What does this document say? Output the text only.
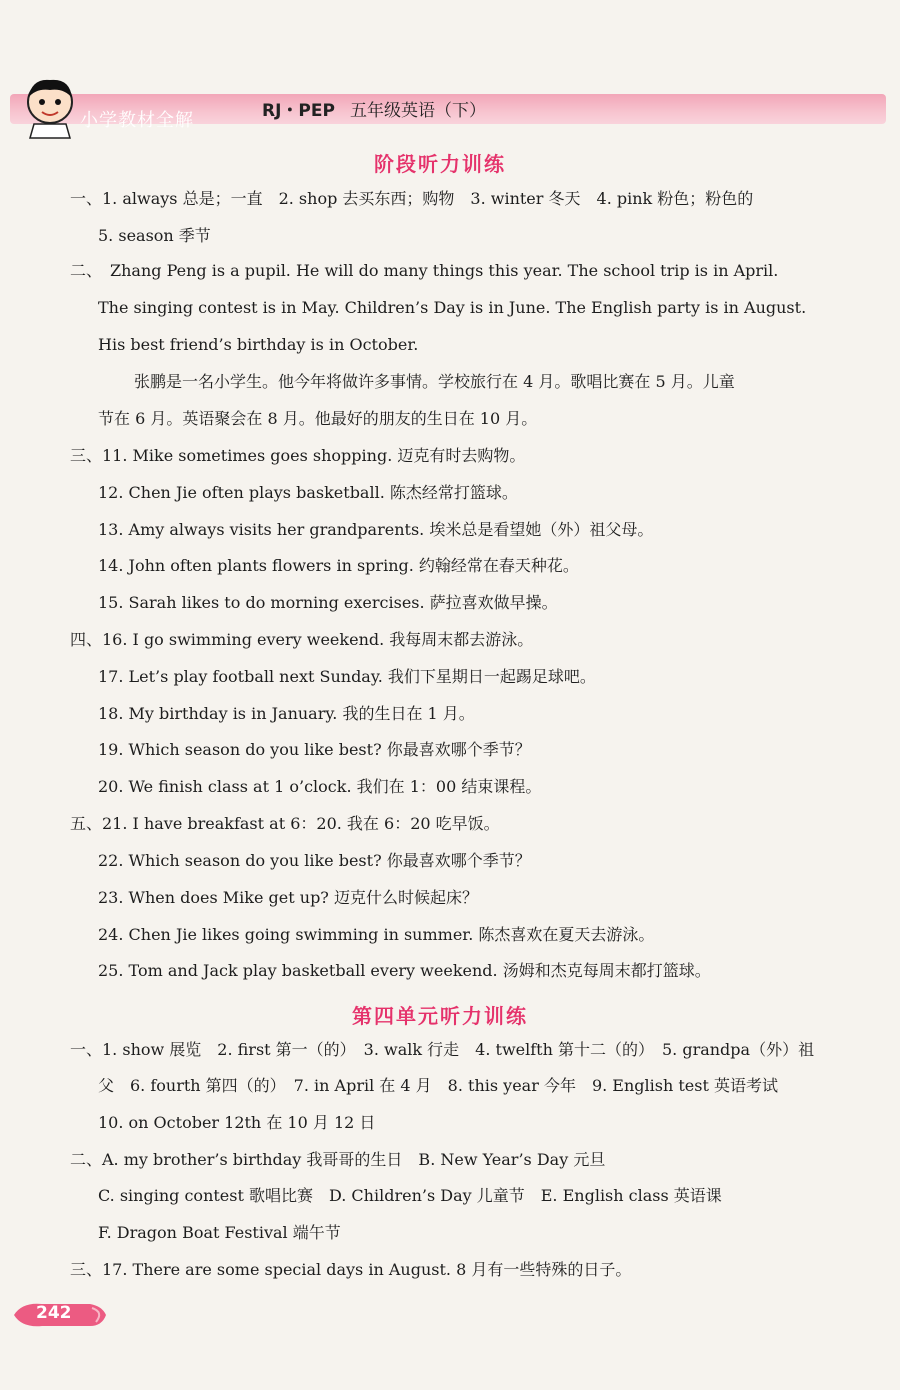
小学教材全解	RJ・PEP 五年级英语（下）
阶段听力训练
一、1. always 总是；一直　2. shop 去买东西；购物　3. winter 冬天　4. pink 粉色；粉色的
5. season 季节
二、　Zhang Peng is a pupil. He will do many things this year. The school trip is in April.
The singing contest is in May. Children’s Day is in June. The English party is in August.
His best friend’s birthday is in October.
张鹏是一名小学生。他今年将做许多事情。学校旅行在 4 月。歌唱比赛在 5 月。儿童
节在 6 月。英语聚会在 8 月。他最好的朋友的生日在 10 月。
三、11. Mike sometimes goes shopping. 迈克有时去购物。
12. Chen Jie often plays basketball. 陈杰经常打篮球。
13. Amy always visits her grandparents. 埃米总是看望她（外）祖父母。
14. John often plants flowers in spring. 约翰经常在春天种花。
15. Sarah likes to do morning exercises. 萨拉喜欢做早操。
四、16. I go swimming every weekend. 我每周末都去游泳。
17. Let’s play football next Sunday. 我们下星期日一起踢足球吧。
18. My birthday is in January. 我的生日在 1 月。
19. Which season do you like best? 你最喜欢哪个季节？
20. We finish class at 1 o’clock. 我们在 1：00 结束课程。
五、21. I have breakfast at 6：20. 我在 6：20 吃早饭。
22. Which season do you like best? 你最喜欢哪个季节？
23. When does Mike get up? 迈克什么时候起床？
24. Chen Jie likes going swimming in summer. 陈杰喜欢在夏天去游泳。
25. Tom and Jack play basketball every weekend. 汤姆和杰克每周末都打篮球。
第四单元听力训练
一、1. show 展览　2. first 第一（的）　3. walk 行走　4. twelfth 第十二（的）　5. grandpa（外）祖
父　6. fourth 第四（的）　7. in April 在 4 月　8. this year 今年　9. English test 英语考试
10. on October 12th 在 10 月 12 日
二、A. my brother’s birthday 我哥哥的生日　B. New Year’s Day 元旦
C. singing contest 歌唱比赛　D. Children’s Day 儿童节　E. English class 英语课
F. Dragon Boat Festival 端午节
三、17. There are some special days in August. 8 月有一些特殊的日子。
242
